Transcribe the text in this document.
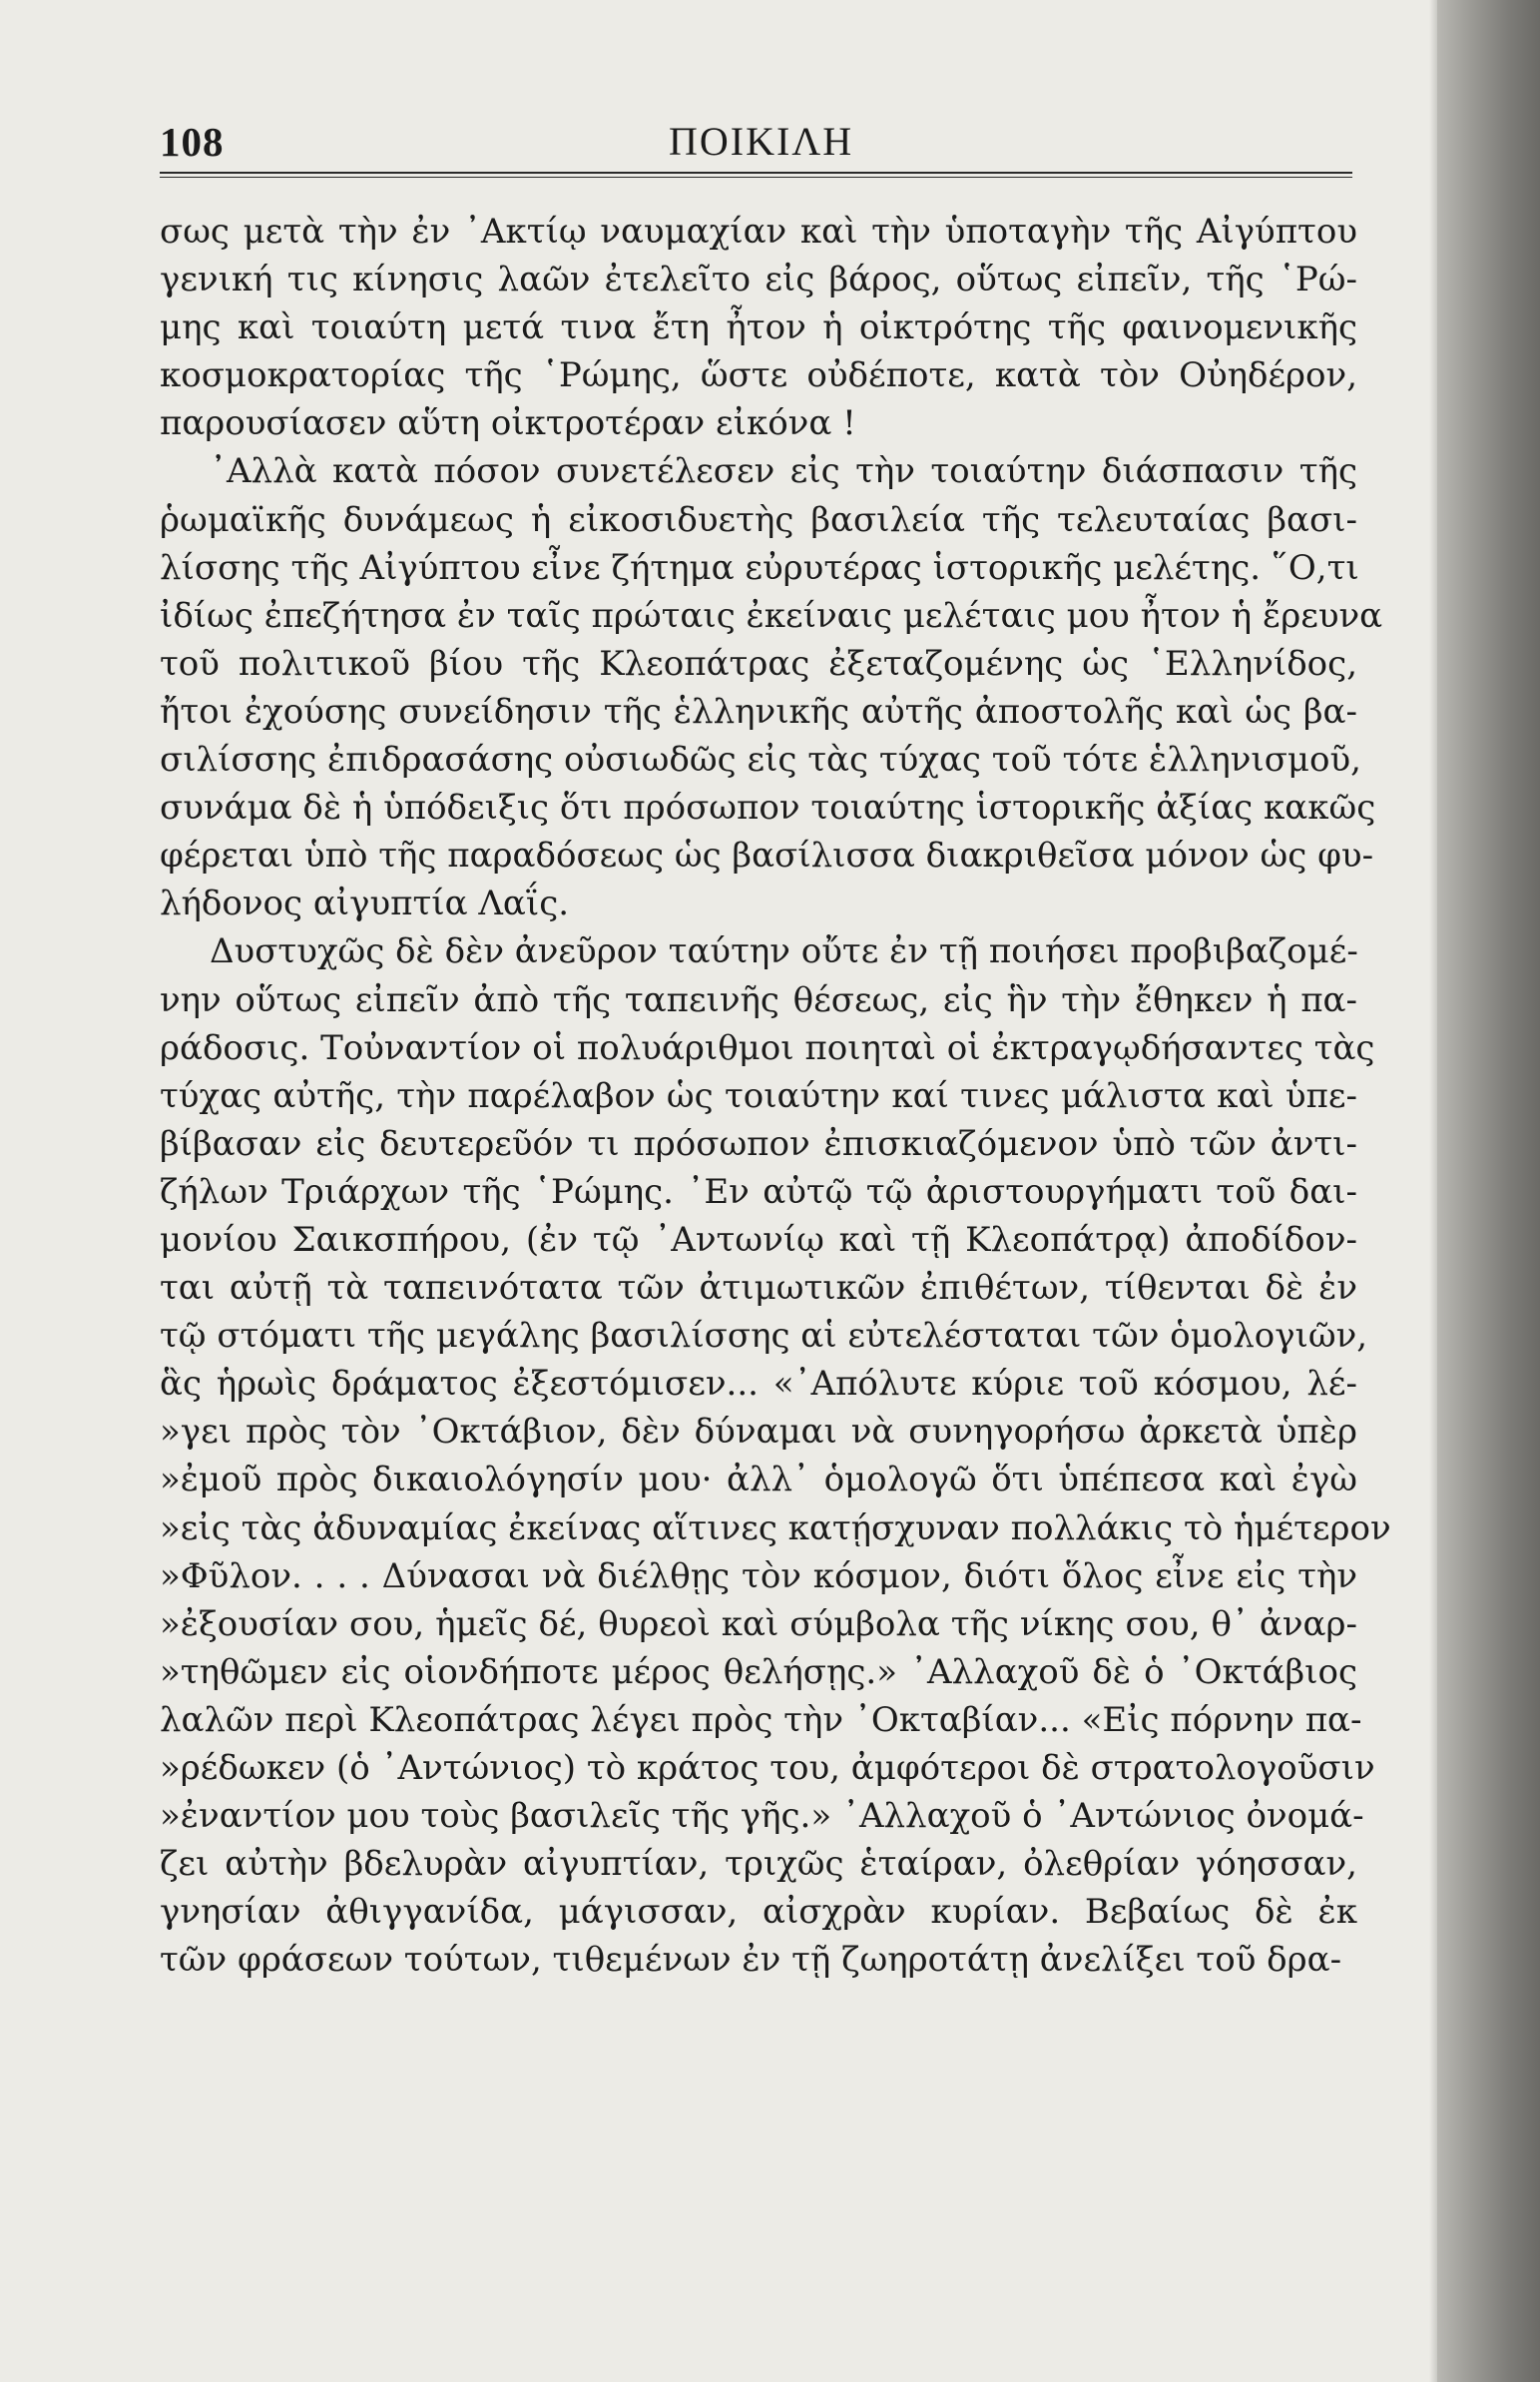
108	ΠΟΙΚΙΛΗ
σως μετὰ τὴν ἐν ᾽Ακτίῳ ναυμαχίαν καὶ τὴν ὑποταγὴν τῆς Αἰγύπτου
γενική τις κίνησις λαῶν ἐτελεῖτο εἰς βάρος, οὕτως εἰπεῖν, τῆς ῾Ρώ-
μης καὶ τοιαύτη μετά τινα ἔτη ἦτον ἡ οἰκτρότης τῆς φαινομενικῆς
κοσμοκρατορίας τῆς ῾Ρώμης, ὥστε οὐδέποτε, κατὰ τὸν Οὐηδέρον,
παρουσίασεν αὕτη οἰκτροτέραν εἰκόνα !
᾽Αλλὰ κατὰ πόσον συνετέλεσεν εἰς τὴν τοιαύτην διάσπασιν τῆς
ῥωμαϊκῆς δυνάμεως ἡ εἰκοσιδυετὴς βασιλεία τῆς τελευταίας βασι-
λίσσης τῆς Αἰγύπτου εἶνε ζήτημα εὐρυτέρας ἱστορικῆς μελέτης. ῞Ο,τι
ἰδίως ἐπεζήτησα ἐν ταῖς πρώταις ἐκείναις μελέταις μου ἦτον ἡ ἔρευνα
τοῦ πολιτικοῦ βίου τῆς Κλεοπάτρας ἐξεταζομένης ὡς ῾Ελληνίδος,
ἤτοι ἐχούσης συνείδησιν τῆς ἑλληνικῆς αὐτῆς ἀποστολῆς καὶ ὡς βα-
σιλίσσης ἐπιδρασάσης οὐσιωδῶς εἰς τὰς τύχας τοῦ τότε ἑλληνισμοῦ,
συνάμα δὲ ἡ ὑπόδειξις ὅτι πρόσωπον τοιαύτης ἱστορικῆς ἀξίας κακῶς
φέρεται ὑπὸ τῆς παραδόσεως ὡς βασίλισσα διακριθεῖσα μόνον ὡς φυ-
λήδονος αἰγυπτία Λαΐς.
Δυστυχῶς δὲ δὲν ἀνεῦρον ταύτην οὔτε ἐν τῇ ποιήσει προβιβαζομέ-
νην οὕτως εἰπεῖν ἀπὸ τῆς ταπεινῆς θέσεως, εἰς ἣν τὴν ἔθηκεν ἡ πα-
ράδοσις. Τοὐναντίον οἱ πολυάριθμοι ποιηταὶ οἱ ἐκτραγῳδήσαντες τὰς
τύχας αὐτῆς, τὴν παρέλαβον ὡς τοιαύτην καί τινες μάλιστα καὶ ὑπε-
βίβασαν εἰς δευτερεῦόν τι πρόσωπον ἐπισκιαζόμενον ὑπὸ τῶν ἀντι-
ζήλων Τριάρχων τῆς ῾Ρώμης. ᾽Εν αὐτῷ τῷ ἀριστουργήματι τοῦ δαι-
μονίου Σαικσπήρου, (ἐν τῷ ᾽Αντωνίῳ καὶ τῇ Κλεοπάτρᾳ) ἀποδίδον-
ται αὐτῇ τὰ ταπεινότατα τῶν ἀτιμωτικῶν ἐπιθέτων, τίθενται δὲ ἐν
τῷ στόματι τῆς μεγάλης βασιλίσσης αἱ εὐτελέσταται τῶν ὁμολογιῶν,
ἃς ἡρωὶς δράματος ἐξεστόμισεν... «᾽Απόλυτε κύριε τοῦ κόσμου, λέ-
»γει πρὸς τὸν ᾽Οκτάβιον, δὲν δύναμαι νὰ συνηγορήσω ἀρκετὰ ὑπὲρ
»ἐμοῦ πρὸς δικαιολόγησίν μου· ἀλλ᾽ ὁμολογῶ ὅτι ὑπέπεσα καὶ ἐγὼ
»εἰς τὰς ἀδυναμίας ἐκείνας αἵτινες κατῄσχυναν πολλάκις τὸ ἡμέτερον
»Φῦλον. . . . Δύνασαι νὰ διέλθῃς τὸν κόσμον, διότι ὅλος εἶνε εἰς τὴν
»ἐξουσίαν σου, ἡμεῖς δέ, θυρεοὶ καὶ σύμβολα τῆς νίκης σου, θ᾽ ἀναρ-
»τηθῶμεν εἰς οἱονδήποτε μέρος θελήσῃς.» ᾽Αλλαχοῦ δὲ ὁ ᾽Οκτάβιος
λαλῶν περὶ Κλεοπάτρας λέγει πρὸς τὴν ᾽Οκταβίαν... «Εἰς πόρνην πα-
»ρέδωκεν (ὁ ᾽Αντώνιος) τὸ κράτος του, ἀμφότεροι δὲ στρατολογοῦσιν
»ἐναντίον μου τοὺς βασιλεῖς τῆς γῆς.» ᾽Αλλαχοῦ ὁ ᾽Αντώνιος ὀνομά-
ζει αὐτὴν βδελυρὰν αἰγυπτίαν, τριχῶς ἑταίραν, ὀλεθρίαν γόησσαν,
γνησίαν ἀθιγγανίδα, μάγισσαν, αἰσχρὰν κυρίαν. Βεβαίως δὲ ἐκ
τῶν φράσεων τούτων, τιθεμένων ἐν τῇ ζωηροτάτῃ ἀνελίξει τοῦ δρα-
